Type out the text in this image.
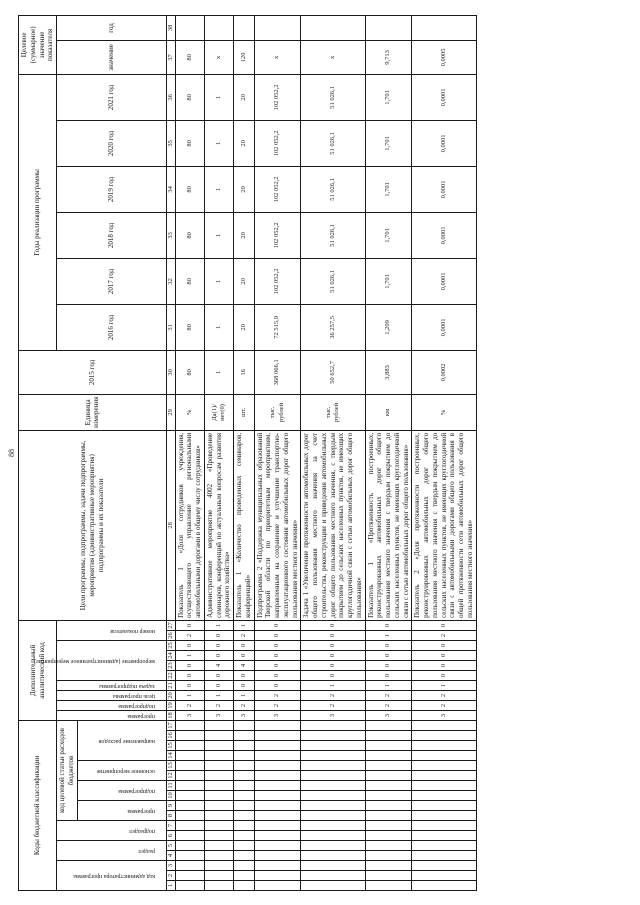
88
Коды бюджетной классификации																	Дополнительный аналитический код										Цели программы, подпрограммы, задачи подпрограммы, мероприятия (административные мероприятия) подпрограммы и их показатели	Единица измерения	2015 год	Годы реализации программы						Целевое (суммарное) значение показателя	

код администратора программы			раздел		подраздел		код целевой статьи расходов бюджетов										программа	подпрограмма	цель программы	задача подпрограммы	мероприятие (административное мероприятие)				номер показателя					2016 год	2017 год	2018 год	2019 год	2020 год	2021 год	значение	год

							программа		подпрограмма		основное мероприятие		направление расходов																								

1	2	3	4	5	6	7	8	9	10	11	12	13	14	15	16	17	18	19	20	21	22	23	24	25	26	27	28	29	30	31	32	33	34	35	36	37	38
																	3	2	1	0	0	0	1	0	2	0	Показатель 1 «Доля сотрудников учреждения, осуществляющего управление региональными автомобильными дорогами в общему числу сотрудников»	%	80	80	80	80	80	80	80	80	
																	3	2	1	0	0	4	0	0	0	1	Административное мероприятие 4002 «Проведение семинаров, конференций по актуальным вопросам развития дорожного хозяйства»	Да(1)/нет(0)	1	1	1	1	1	1	1	х	
																	3	2	1	0	0	4	0	0	2	1	Показатель 1 «Количество проведенных семинаров, конференций»	шт.	16	20	20	20	20	20	20	120	
																	3	2	2	0	0	0	0	0	0	0	Подпрограмма 2 «Поддержка муниципальных образований Тверской области по приоритетным мероприятиям, направленным на сохранение и улучшение транспортно-эксплуатационного состояния автомобильных дорог общего пользования местного значения»	тыс. рублей	368 066,1	72 515,9	102 052,2	102 052,2	102 052,2	102 052,2	102 052,2	х	
																	3	2	2	1	0	0	0	0	0	0	Задача 1 «Увеличение протяженности автомобильных дорог общего пользования местного значения за счет строительства, реконструкции и приведения автомобильных дорог общего пользования местного значения, с твердым покрытием до сельских населенных пунктов, не имеющих круглогодичной связи с сетью автомобильных дорог общего пользования»	тыс. рублей	50 652,7	36 257,5	51 026,1	51 026,1	51 026,1	51 026,1	51 026,1	х	
																	3	2	2	1	0	0	0	0	1	0	Показатель 1 «Протяженность построенных, реконструированных автомобильных дорог общего пользования местного значения с твердым покрытием до сельских населенных пунктов, не имеющих круглогодичной связи с сетью автомобильных дорог общего пользования»	км	3,883	1,209	1,701	1,701	1,701	1,701	1,701	9,713	
																	3	2	2	1	0	0	0	0	2	0	Показатель 2 «Доля протяженности построенных, реконструированных автомобильных дорог общего пользования местного значения с твердым покрытием до сельских населенных пунктов, не имеющих круглогодичной связи с автомобильными дорогами общего пользования в общей протяженности сети автомобильных дорог общего пользования местного значения»	%	0,0002	0,0001	0,0001	0,0001	0,0001	0,0001	0,0001	0,0005	
